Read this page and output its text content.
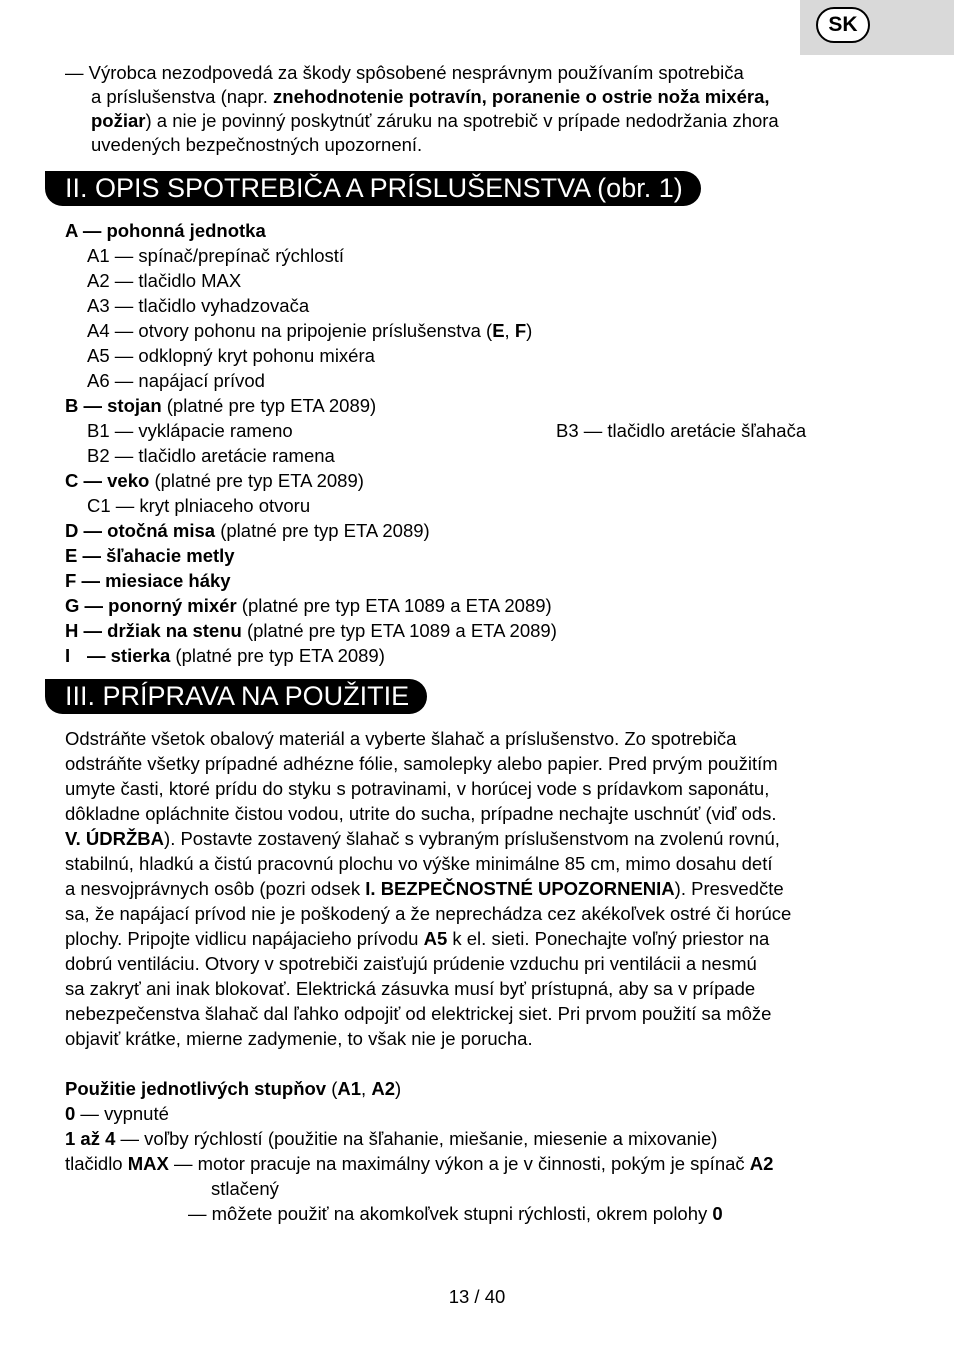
SK
— Výrobca nezodpovedá za škody spôsobené nesprávnym používaním spotrebiča
a príslušenstva (napr. znehodnotenie potravín, poranenie o ostrie noža mixéra,
požiar) a nie je povinný poskytnúť záruku na spotrebič v prípade nedodržania zhora
uvedených bezpečnostných upozornení.
II. OPIS SPOTREBIČA A PRÍSLUŠENSTVA (obr. 1)
A — pohonná jednotka
A1 — spínač/prepínač rýchlostí
A2 — tlačidlo MAX
A3 — tlačidlo vyhadzovača
A4 — otvory pohonu na pripojenie príslušenstva (E, F)
A5 — odklopný kryt pohonu mixéra
A6 — napájací prívod
B — stojan (platné pre typ ETA 2089)
B1 — vyklápacie rameno	B3 — tlačidlo aretácie šľahača
B2 — tlačidlo aretácie ramena
C — veko (platné pre typ ETA 2089)
C1 — kryt plniaceho otvoru
D — otočná misa (platné pre typ ETA 2089)
E — šľahacie metly
F — miesiace háky
G — ponorný mixér (platné pre typ ETA 1089 a ETA 2089)
H — držiak na stenu (platné pre typ ETA 1089 a ETA 2089)
I — stierka (platné pre typ ETA 2089)
III. PRÍPRAVA NA POUŽITIE
Odstráňte všetok obalový materiál a vyberte šlahač a príslušenstvo. Zo spotrebiča
odstráňte všetky prípadné adhézne fólie, samolepky alebo papier. Pred prvým použitím
umyte časti, ktoré prídu do styku s potravinami, v horúcej vode s prídavkom saponátu,
dôkladne opláchnite čistou vodou, utrite do sucha, prípadne nechajte uschnúť (viď ods.
V. ÚDRŽBA). Postavte zostavený šlahač s vybraným príslušenstvom na zvolenú rovnú,
stabilnú, hladkú a čistú pracovnú plochu vo výške minimálne 85 cm, mimo dosahu detí
a nesvojprávnych osôb (pozri odsek I. BEZPEČNOSTNÉ UPOZORNENIA). Presvedčte
sa, že napájací prívod nie je poškodený a že neprechádza cez akékoľvek ostré či horúce
plochy. Pripojte vidlicu napájacieho prívodu A5 k el. sieti. Ponechajte voľný priestor na
dobrú ventiláciu. Otvory v spotrebiči zaisťujú prúdenie vzduchu pri ventilácii a nesmú
sa zakryť ani inak blokovať. Elektrická zásuvka musí byť prístupná, aby sa v prípade
nebezpečenstva šlahač dal ľahko odpojiť od elektrickej siet. Pri prvom použití sa môže
objaviť krátke, mierne zadymenie, to však nie je porucha.
Použitie jednotlivých stupňov (A1, A2)
0 — vypnuté
1 až 4 — voľby rýchlostí (použitie na šľahanie, miešanie, miesenie a mixovanie)
tlačidlo MAX — motor pracuje na maximálny výkon a je v činnosti, pokým je spínač A2
stlačený
— môžete použiť na akomkoľvek stupni rýchlosti, okrem polohy 0
13 / 40
